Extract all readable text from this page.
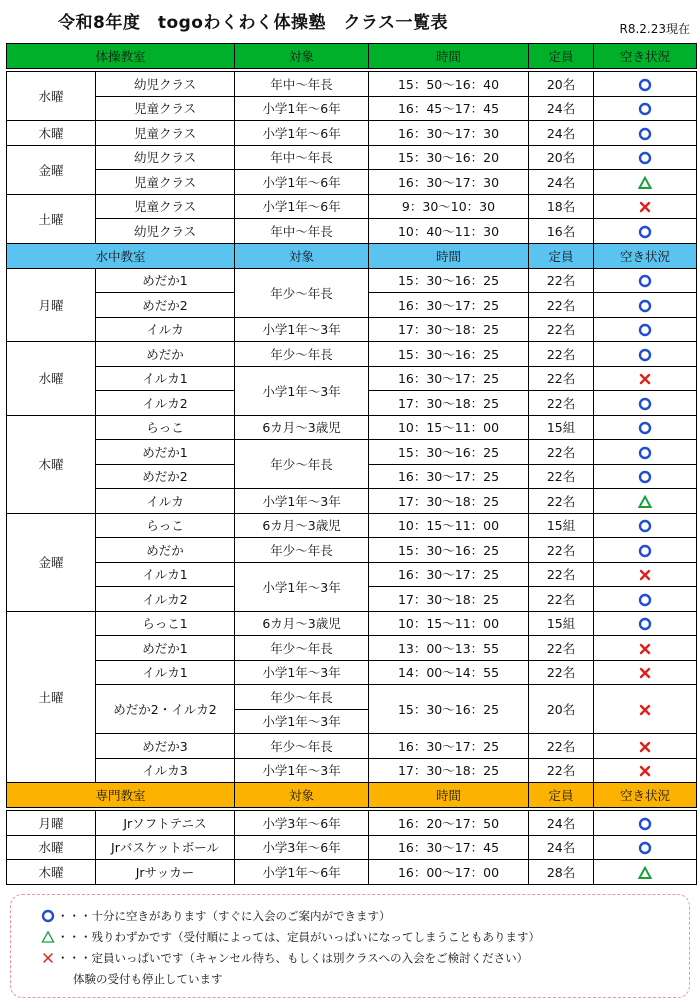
令和8年度　togoわくわく体操塾　クラス一覧表	R8.2.23現在
体操教室		対象	時間	定員	空き状況

水曜	幼児クラス	年中～年長	15：50～16：40	20名	

	児童クラス	小学1年～6年	16：45～17：45	24名	

木曜	児童クラス	小学1年～6年	16：30～17：30	24名	

金曜	幼児クラス	年中～年長	15：30～16：20	20名	

	児童クラス	小学1年～6年	16：30～17：30	24名	

土曜	児童クラス	小学1年～6年	9：30～10：30	18名	

	幼児クラス	年中～年長	10：40～11：30	16名	

水中教室		対象	時間	定員	空き状況
月曜	めだか1	年少～年長	15：30～16：25	22名	

	めだか2		16：30～17：25	22名	

	イルカ	小学1年～3年	17：30～18：25	22名	

水曜	めだか	年少～年長	15：30～16：25	22名	

	イルカ1	小学1年～3年	16：30～17：25	22名	

	イルカ2		17：30～18：25	22名	

木曜	らっこ	6カ月～3歳児	10：15～11：00	15組	

	めだか1	年少～年長	15：30～16：25	22名	

	めだか2		16：30～17：25	22名	

	イルカ	小学1年～3年	17：30～18：25	22名	

金曜	らっこ	6カ月～3歳児	10：15～11：00	15組	

	めだか	年少～年長	15：30～16：25	22名	

	イルカ1	小学1年～3年	16：30～17：25	22名	

	イルカ2		17：30～18：25	22名	

土曜	らっこ1	6カ月～3歳児	10：15～11：00	15組	

	めだか1	年少～年長	13：00～13：55	22名	

	イルカ1	小学1年～3年	14：00～14：55	22名	

	めだか2・イルカ2	年少～年長	15：30～16：25	20名	

		小学1年～3年			
	めだか3	年少～年長	16：30～17：25	22名	

	イルカ3	小学1年～3年	17：30～18：25	22名	

専門教室		対象	時間	定員	空き状況

月曜	Jrソフトテニス	小学3年～6年	16：20～17：50	24名	

水曜	Jrバスケットボール	小学3年～6年	16：30～17：45	24名	

木曜	Jrサッカー	小学1年～6年	16：00～17：00	28名	
・・・十分に空きがあります（すぐに入会のご案内ができます）
・・・残りわずかです（受付順によっては、定員がいっぱいになってしまうこともあります）
・・・定員いっぱいです（キャンセル待ち、もしくは別クラスへの入会をご検討ください）
体験の受付も停止しています
